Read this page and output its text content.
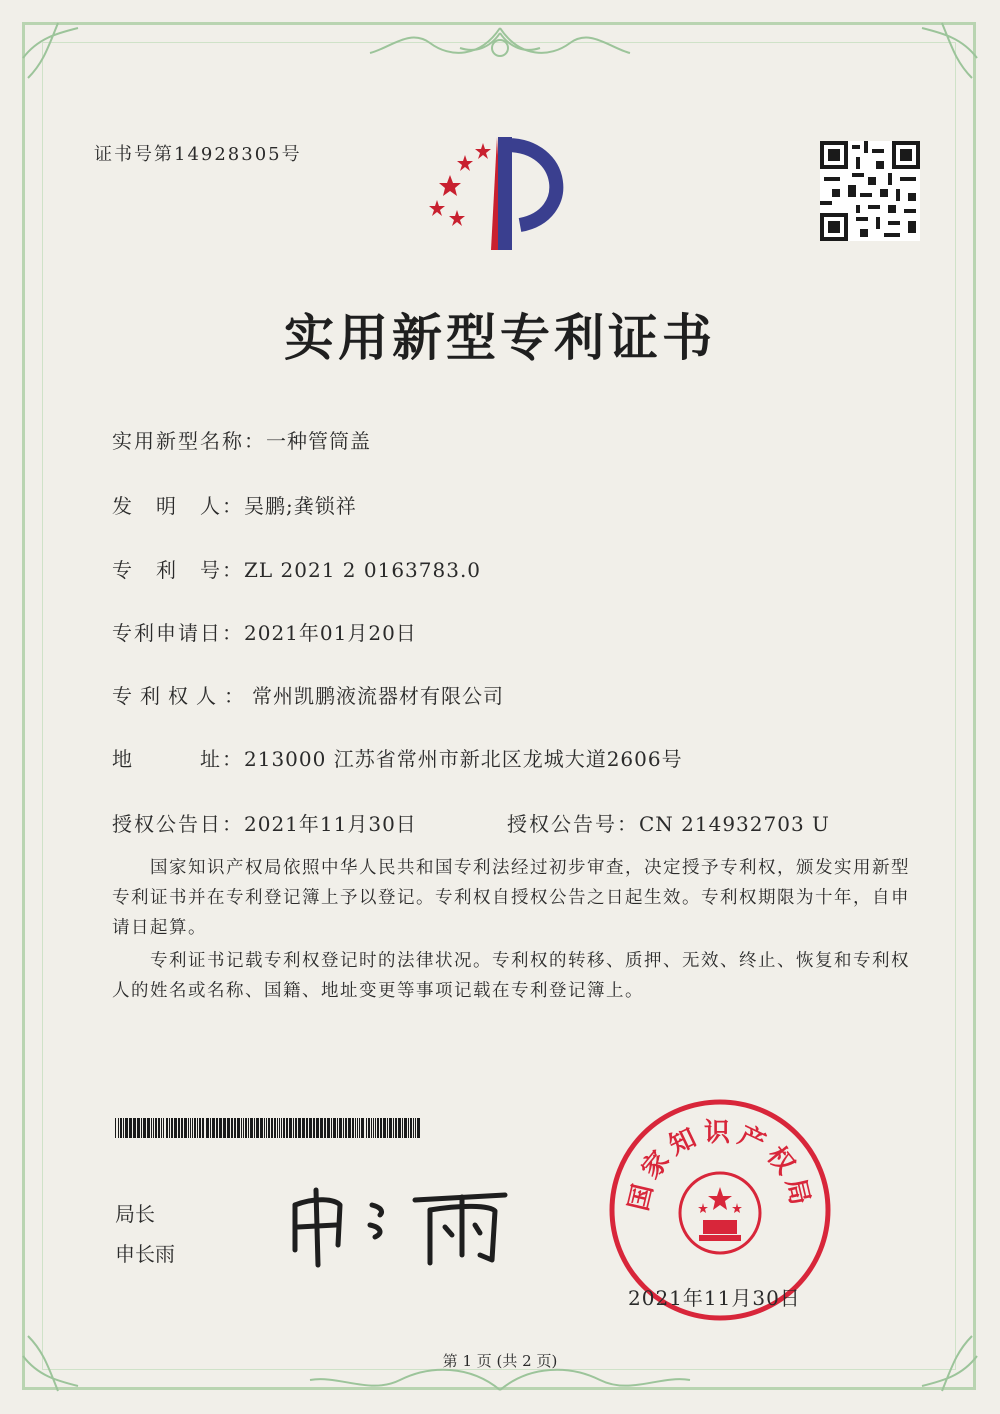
证书号第14928305号
实用新型专利证书
实用新型名称：一种管筒盖
发　明　人：吴鹏;龚锁祥
专　利　号：ZL 2021 2 0163783.0
专利申请日：2021年01月20日
专利权人：常州凯鹏液流器材有限公司
地　　　址：213000 江苏省常州市新北区龙城大道2606号
授权公告日：2021年11月30日	授权公告号：CN 214932703 U
国家知识产权局依照中华人民共和国专利法经过初步审查，决定授予专利权，颁发实用新型专利证书并在专利登记簿上予以登记。专利权自授权公告之日起生效。专利权期限为十年，自申请日起算。
专利证书记载专利权登记时的法律状况。专利权的转移、质押、无效、终止、恢复和专利权人的姓名或名称、国籍、地址变更等事项记载在专利登记簿上。
局长
申长雨
国家知识产权局
2021年11月30日
第 1 页 (共 2 页)
